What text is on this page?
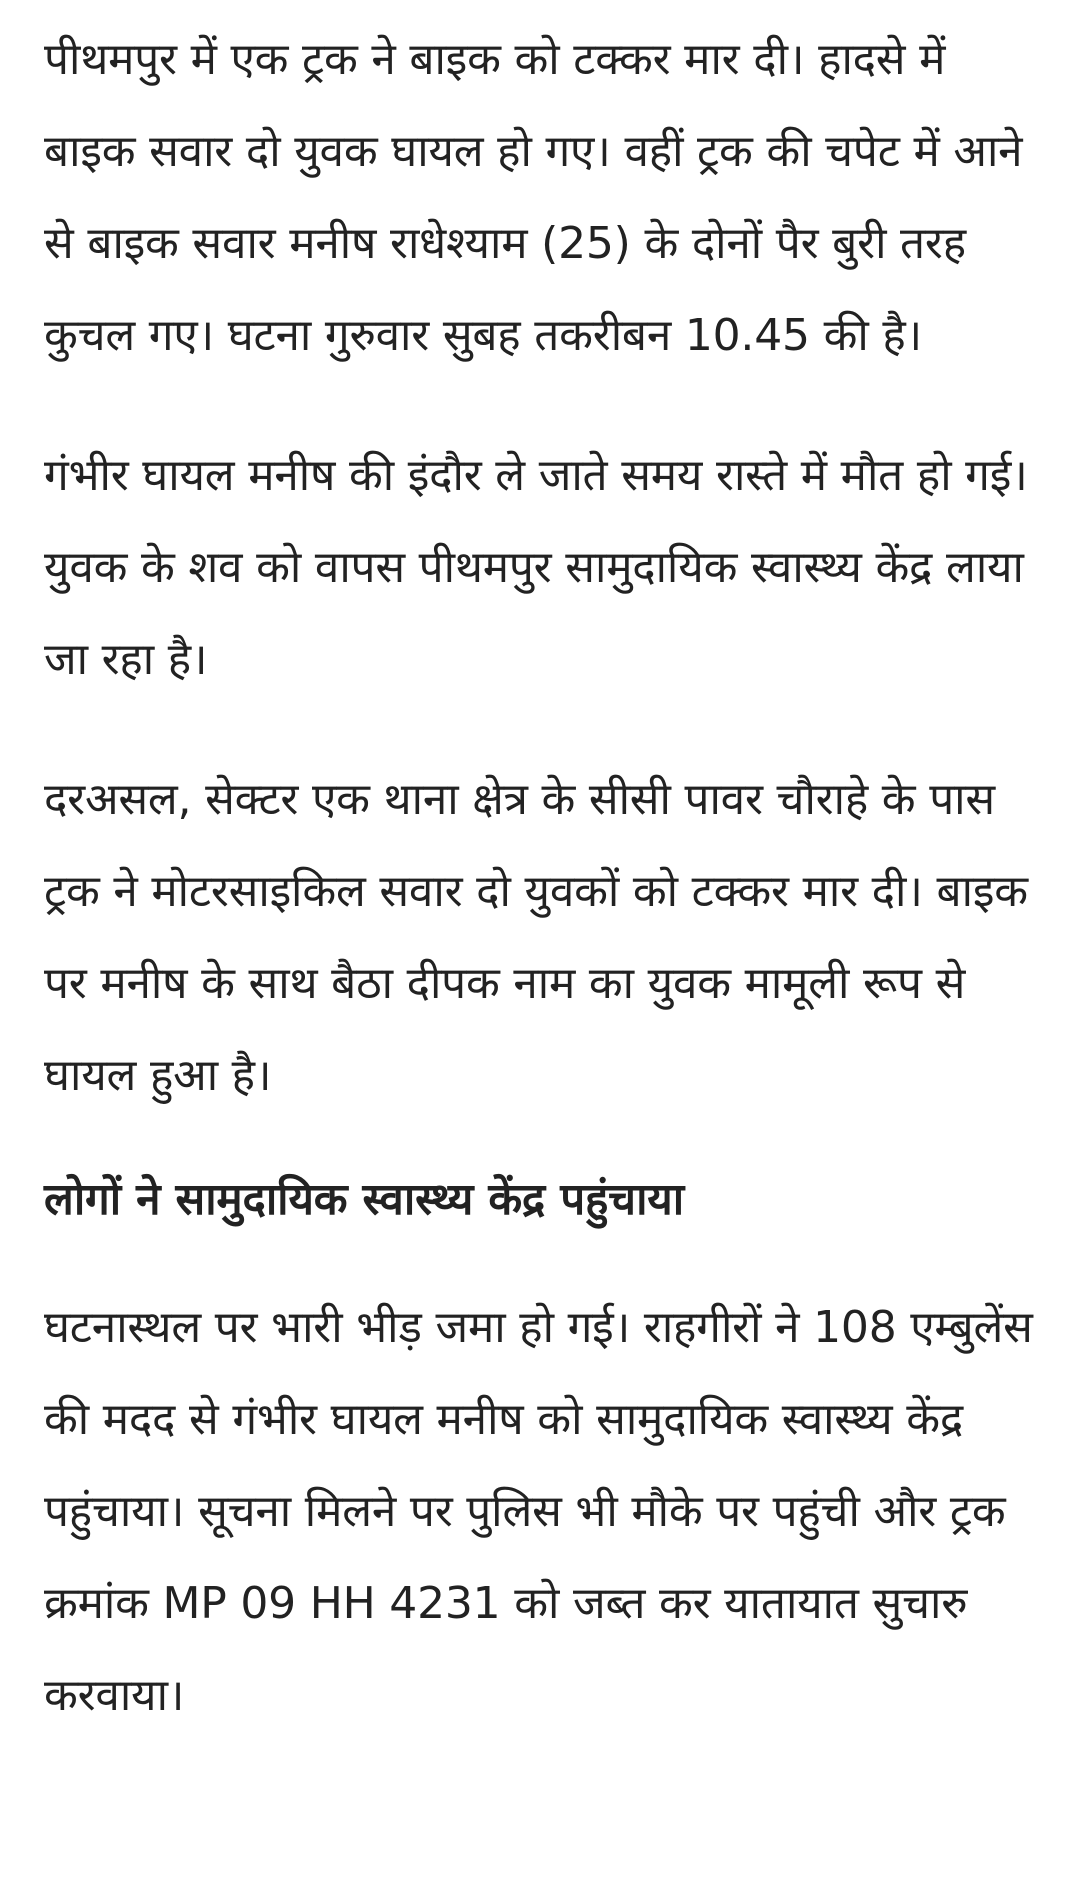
पीथमपुर में एक ट्रक ने बाइक को टक्कर मार दी। हादसे में बाइक सवार दो युवक घायल हो गए। वहीं ट्रक की चपेट में आने से बाइक सवार मनीष राधेश्याम (25) के दोनों पैर बुरी तरह कुचल गए। घटना गुरुवार सुबह तकरीबन 10.45 की है।

गंभीर घायल मनीष की इंदौर ले जाते समय रास्ते में मौत हो गई। युवक के शव को वापस पीथमपुर सामुदायिक स्वास्थ्य केंद्र लाया जा रहा है।

दरअसल, सेक्टर एक थाना क्षेत्र के सीसी पावर चौराहे के पास ट्रक ने मोटरसाइकिल सवार दो युवकों को टक्कर मार दी। बाइक पर मनीष के साथ बैठा दीपक नाम का युवक मामूली रूप से घायल हुआ है।

लोगों ने सामुदायिक स्वास्थ्य केंद्र पहुंचाया

घटनास्थल पर भारी भीड़ जमा हो गई। राहगीरों ने 108 एम्बुलेंस की मदद से गंभीर घायल मनीष को सामुदायिक स्वास्थ्य केंद्र पहुंचाया। सूचना मिलने पर पुलिस भी मौके पर पहुंची और ट्रक क्रमांक MP 09 HH 4231 को जब्त कर यातायात सुचारु करवाया।
